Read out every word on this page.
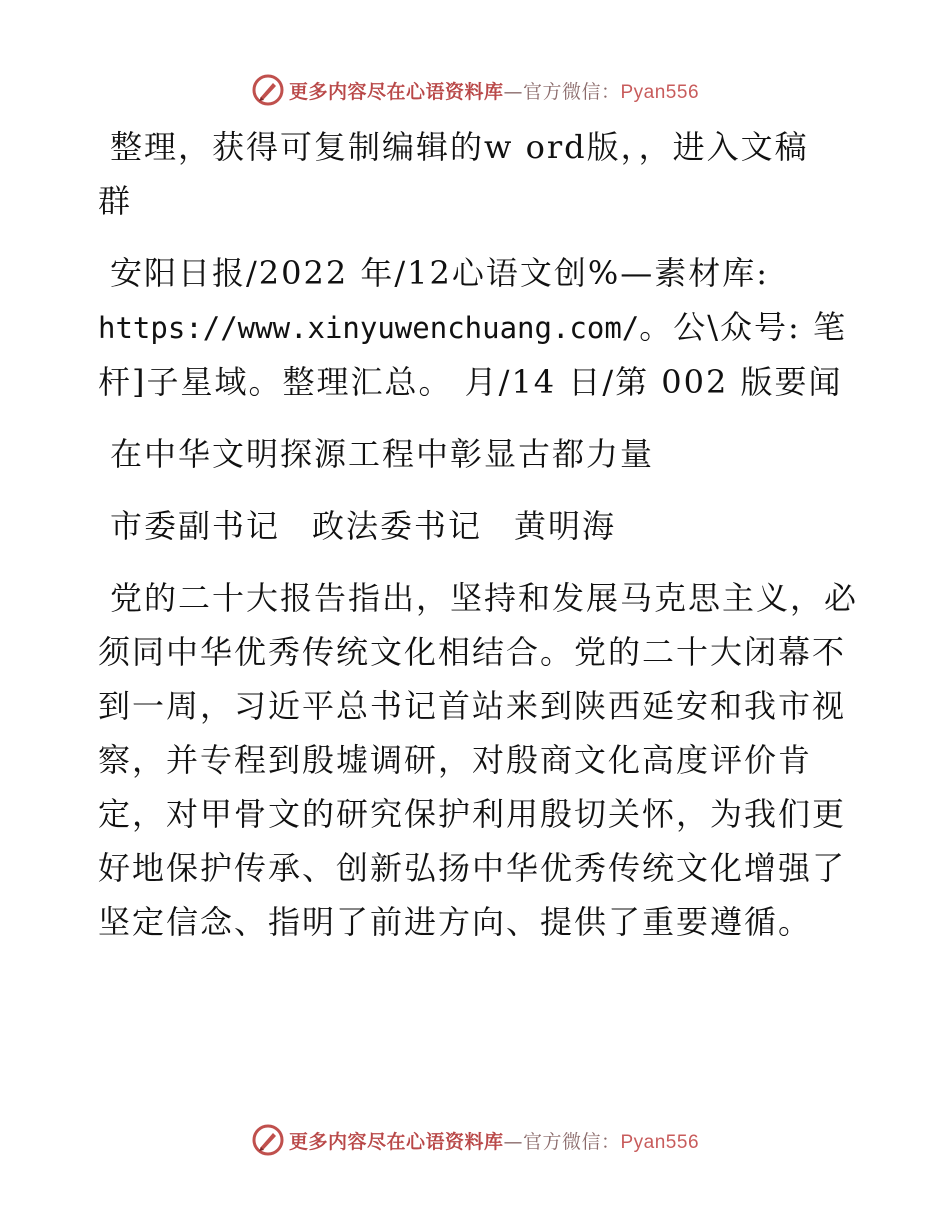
更多内容尽在心语资料库—官方微信：Pyan556

整理，获得可复制编辑的w ord版，，进入文稿

群

安阳日报/2022 年/12心语文创%—素材库:

https://www.xinyuwenchuang.com/。公\众号: 笔

杆]子星域。整理汇总。 月/14 日/第 002 版要闻

在中华文明探源工程中彰显古都力量

市委副书记 政法委书记 黄明海

党的二十大报告指出，坚持和发展马克思主义，必须同中华优秀传统文化相结合。党的二十大闭幕不到一周，习近平总书记首站来到陕西延安和我市视察，并专程到殷墟调研，对殷商文化高度评价肯定，对甲骨文的研究保护利用殷切关怀，为我们更好地保护传承、创新弘扬中华优秀传统文化增强了坚定信念、指明了前进方向、提供了重要遵循。

更多内容尽在心语资料库—官方微信：Pyan556
